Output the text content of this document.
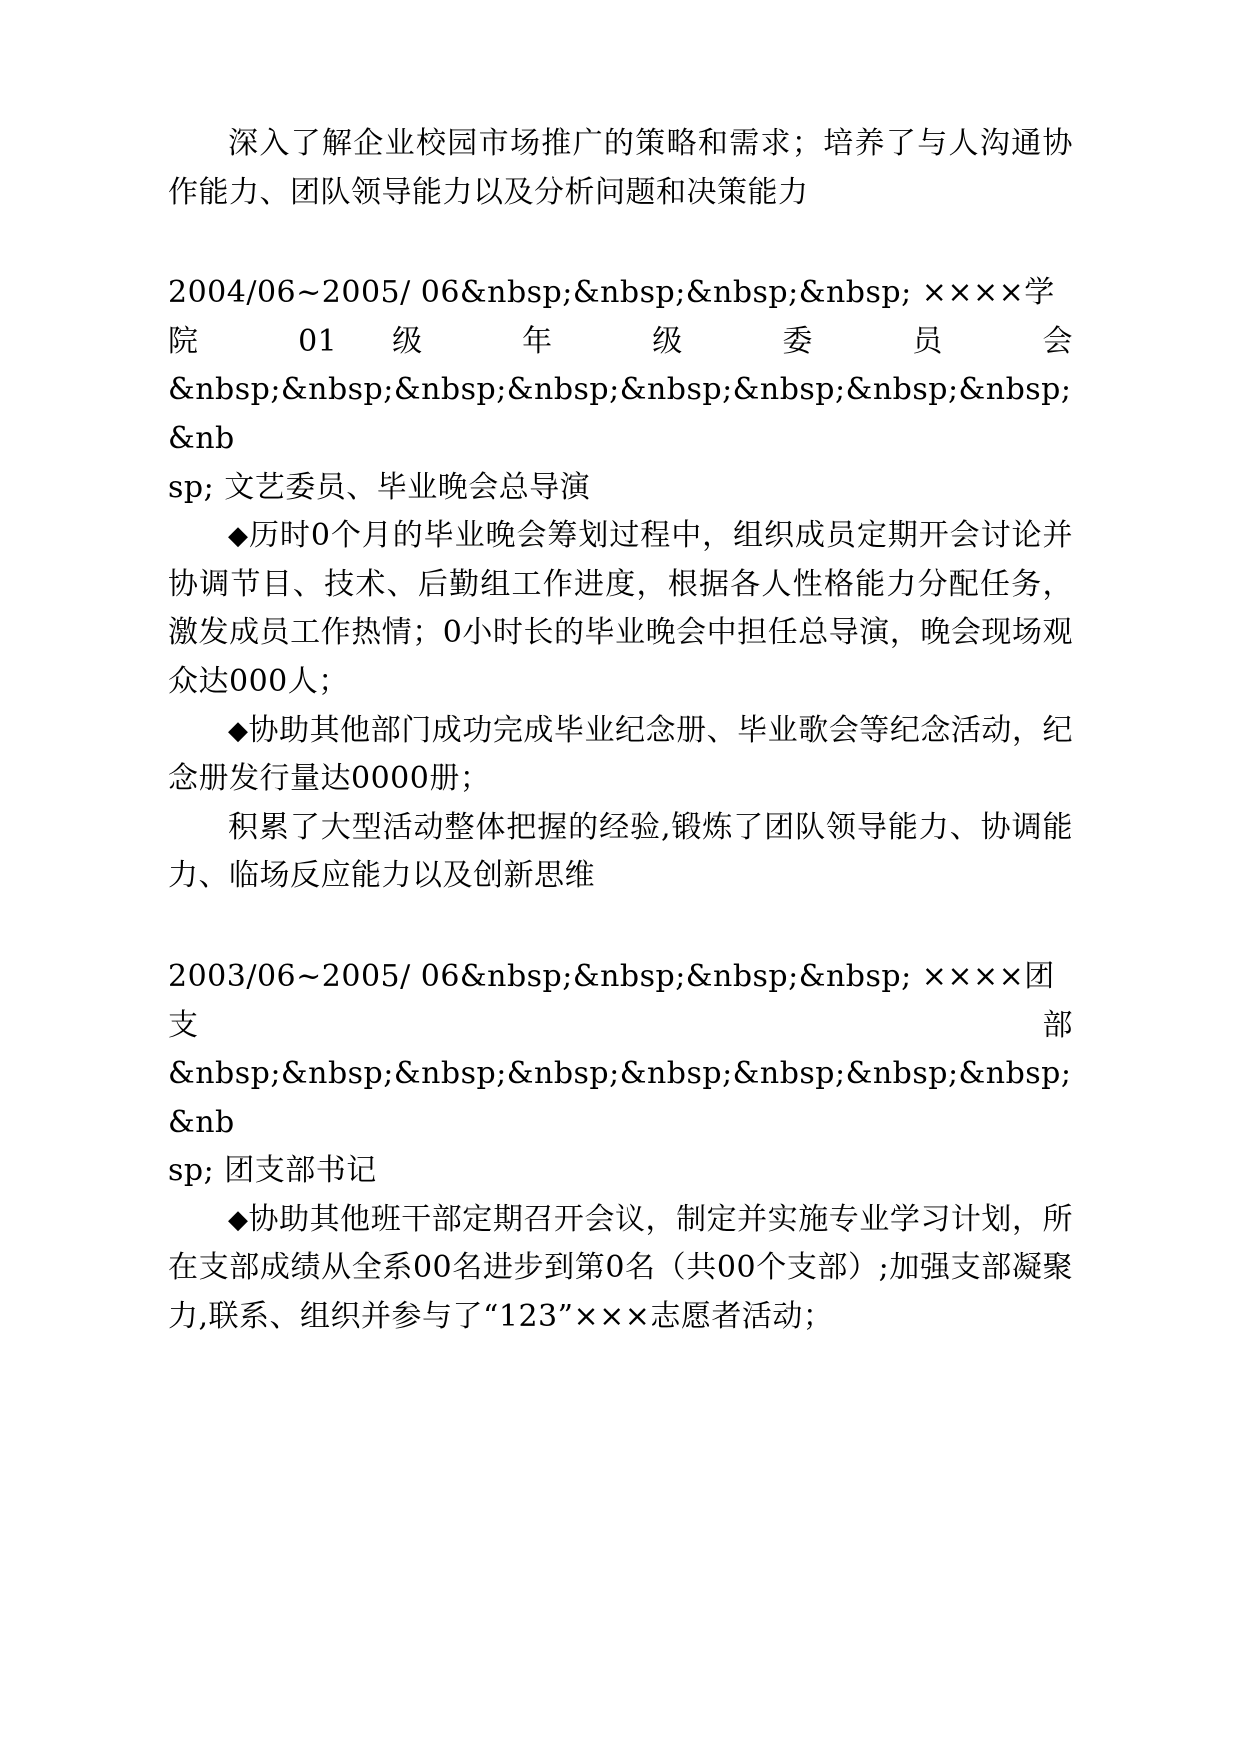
深入了解企业校园市场推广的策略和需求；培养了与人沟通协作能力、团队领导能力以及分析问题和决策能力

2004/06~2005/ 06&nbsp;&nbsp;&nbsp;&nbsp; ××××学

院 01 级 年 级 委 员 会

&nbsp;&nbsp;&nbsp;&nbsp;&nbsp;&nbsp;&nbsp;&nbsp;&nb

sp; 文艺委员、毕业晚会总导演

◆历时0个月的毕业晚会筹划过程中，组织成员定期开会讨论并协调节目、技术、后勤组工作进度，根据各人性格能力分配任务，激发成员工作热情；0小时长的毕业晚会中担任总导演，晚会现场观众达000人；

◆协助其他部门成功完成毕业纪念册、毕业歌会等纪念活动，纪念册发行量达0000册；

积累了大型活动整体把握的经验,锻炼了团队领导能力、协调能力、临场反应能力以及创新思维

2003/06~2005/ 06&nbsp;&nbsp;&nbsp;&nbsp; ××××团

支 部

&nbsp;&nbsp;&nbsp;&nbsp;&nbsp;&nbsp;&nbsp;&nbsp;&nb

sp; 团支部书记

◆协助其他班干部定期召开会议，制定并实施专业学习计划，所在支部成绩从全系00名进步到第0名（共00个支部）;加强支部凝聚力,联系、组织并参与了“123”×××志愿者活动；
